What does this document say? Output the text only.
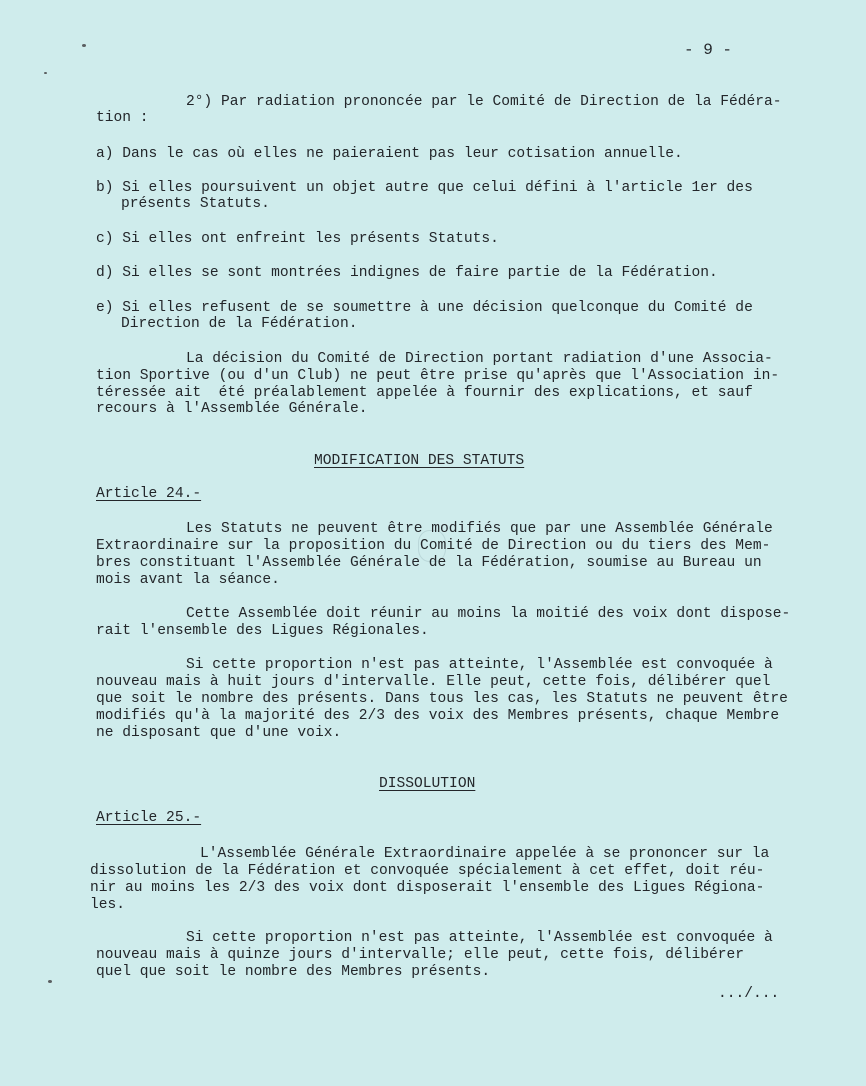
- 9 -
2°) Par radiation prononcée par le Comité de Direction de la Fédéra-
tion :
a) Dans le cas où elles ne paieraient pas leur cotisation annuelle.
b) Si elles poursuivent un objet autre que celui défini à l'article 1er des
présents Statuts.
c) Si elles ont enfreint les présents Statuts.
d) Si elles se sont montrées indignes de faire partie de la Fédération.
e) Si elles refusent de se soumettre à une décision quelconque du Comité de
Direction de la Fédération.
La décision du Comité de Direction portant radiation d'une Associa-
tion Sportive (ou d'un Club) ne peut être prise qu'après que l'Association in-
téressée ait  été préalablement appelée à fournir des explications, et sauf
recours à l'Assemblée Générale.
MODIFICATION DES STATUTS
Article 24.-
Les Statuts ne peuvent être modifiés que par une Assemblée Générale
Extraordinaire sur la proposition du Comité de Direction ou du tiers des Mem-
bres constituant l'Assemblée Générale de la Fédération, soumise au Bureau un
mois avant la séance.
Cette Assemblée doit réunir au moins la moitié des voix dont dispose-
rait l'ensemble des Ligues Régionales.
Si cette proportion n'est pas atteinte, l'Assemblée est convoquée à
nouveau mais à huit jours d'intervalle. Elle peut, cette fois, délibérer quel
que soit le nombre des présents. Dans tous les cas, les Statuts ne peuvent être
modifiés qu'à la majorité des 2/3 des voix des Membres présents, chaque Membre
ne disposant que d'une voix.
DISSOLUTION
Article 25.-
L'Assemblée Générale Extraordinaire appelée à se prononcer sur la
dissolution de la Fédération et convoquée spécialement à cet effet, doit réu-
nir au moins les 2/3 des voix dont disposerait l'ensemble des Ligues Régiona-
les.
Si cette proportion n'est pas atteinte, l'Assemblée est convoquée à
nouveau mais à quinze jours d'intervalle; elle peut, cette fois, délibérer
quel que soit le nombre des Membres présents.
.../...
